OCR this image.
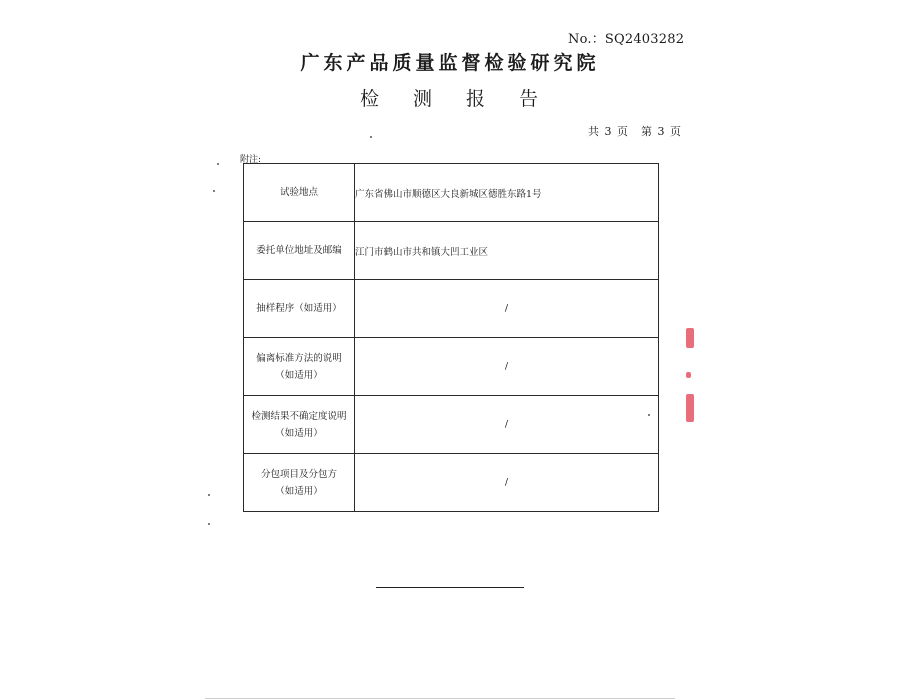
No.：SQ2403282
广东产品质量监督检验研究院
检 测 报 告
共 3 页　第 3 页
附注:
试验地点	广东省佛山市顺德区大良新城区德胜东路1号
委托单位地址及邮编	江门市鹤山市共和镇大凹工业区
抽样程序（如适用）	/
偏离标准方法的说明
（如适用）	/
检测结果不确定度说明
（如适用）	/
分包项目及分包方
（如适用）	/
